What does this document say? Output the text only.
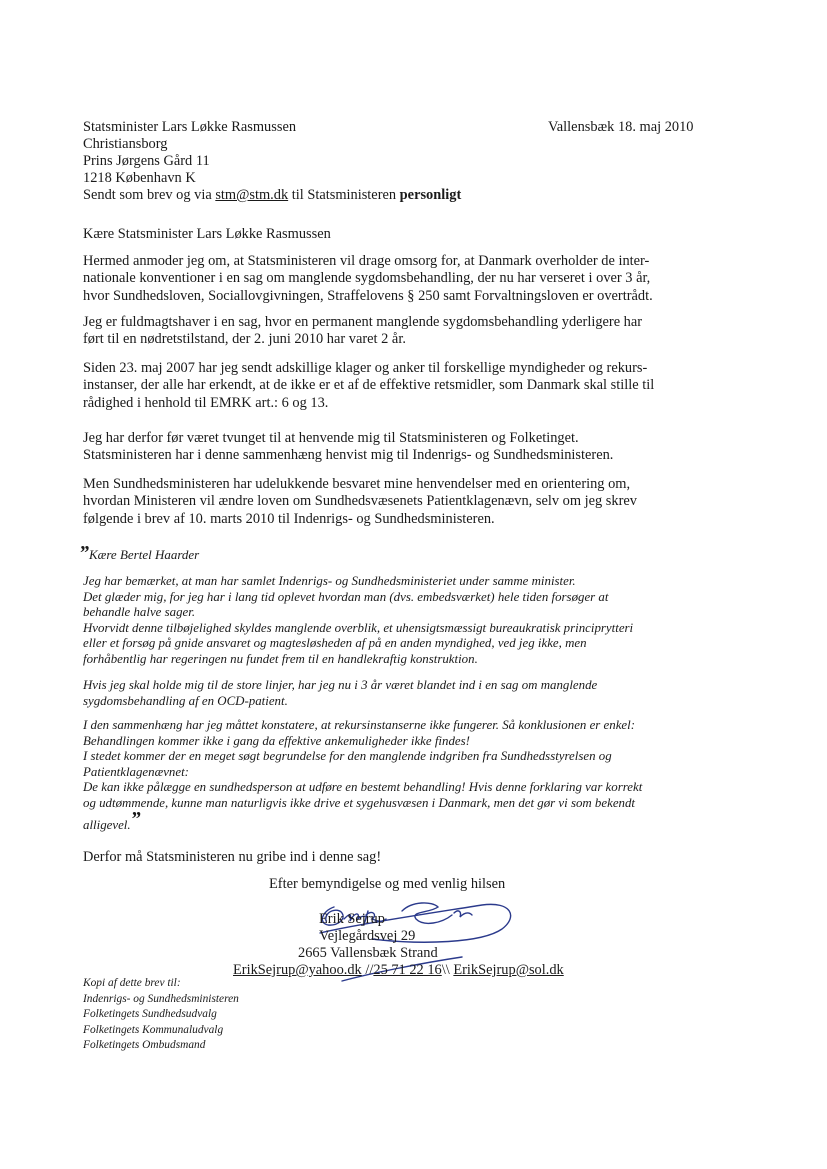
Statsminister Lars Løkke Rasmussen
Christiansborg
Prins Jørgens Gård 11
1218 København K
Sendt som brev og via stm@stm.dk til Statsministeren personligt
Vallensbæk 18. maj 2010
Kære Statsminister Lars Løkke Rasmussen
Hermed anmoder jeg om, at Statsministeren vil drage omsorg for, at Danmark overholder de inter-
nationale konventioner i en sag om manglende sygdomsbehandling, der nu har verseret i over 3 år,
hvor Sundhedsloven, Sociallovgivningen, Straffelovens § 250 samt Forvaltningsloven er overtrådt.
Jeg er fuldmagtshaver i en sag, hvor en permanent manglende sygdomsbehandling yderligere har
ført til en nødretstilstand, der 2. juni 2010 har varet 2 år.
Siden 23. maj 2007 har jeg sendt adskillige klager og anker til forskellige myndigheder og rekurs-
instanser, der alle har erkendt, at de ikke er et af de effektive retsmidler, som Danmark skal stille til
rådighed i henhold til EMRK art.: 6 og 13.
Jeg har derfor før været tvunget til at henvende mig til Statsministeren og Folketinget.
Statsministeren har i denne sammenhæng henvist mig til Indenrigs- og Sundhedsministeren.
Men Sundhedsministeren har udelukkende besvaret mine henvendelser med en orientering om,
hvordan Ministeren vil ændre loven om Sundhedsvæsenets Patientklagenævn, selv om jeg skrev
følgende i brev af 10. marts 2010 til Indenrigs- og Sundhedsministeren.
”Kære Bertel Haarder
Jeg har bemærket, at man har samlet Indenrigs- og Sundhedsministeriet under samme minister.
Det glæder mig, for jeg har i lang tid oplevet hvordan man (dvs. embedsværket) hele tiden forsøger at
behandle halve sager.
Hvorvidt denne tilbøjelighed skyldes manglende overblik, et uhensigtsmæssigt bureaukratisk principrytteri
eller et forsøg på gnide ansvaret og magtesløsheden af på en anden myndighed, ved jeg ikke, men
forhåbentlig har regeringen nu fundet frem til en handlekraftig konstruktion.
Hvis jeg skal holde mig til de store linjer, har jeg nu i 3 år været blandet ind i en sag om manglende
sygdomsbehandling af en OCD-patient.
I den sammenhæng har jeg måttet konstatere, at rekursinstanserne ikke fungerer. Så konklusionen er enkel:
Behandlingen kommer ikke i gang da effektive ankemuligheder ikke findes!
I stedet kommer der en meget søgt begrundelse for den manglende indgriben fra Sundhedsstyrelsen og
Patientklagenævnet:
De kan ikke pålægge en sundhedsperson at udføre en bestemt behandling! Hvis denne forklaring var korrekt
og udtømmende, kunne man naturligvis ikke drive et sygehusvæsen i Danmark, men det gør vi som bekendt
alligevel.”
Derfor må Statsministeren nu gribe ind i denne sag!
Efter bemyndigelse og med venlig hilsen
Erik Sejrup
Vejlegårdsvej 29
2665 Vallensbæk Strand
ErikSejrup@yahoo.dk //25 71 22 16\\ ErikSejrup@sol.dk
Kopi af dette brev til:
Indenrigs- og Sundhedsministeren
Folketingets Sundhedsudvalg
Folketingets Kommunaludvalg
Folketingets Ombudsmand
